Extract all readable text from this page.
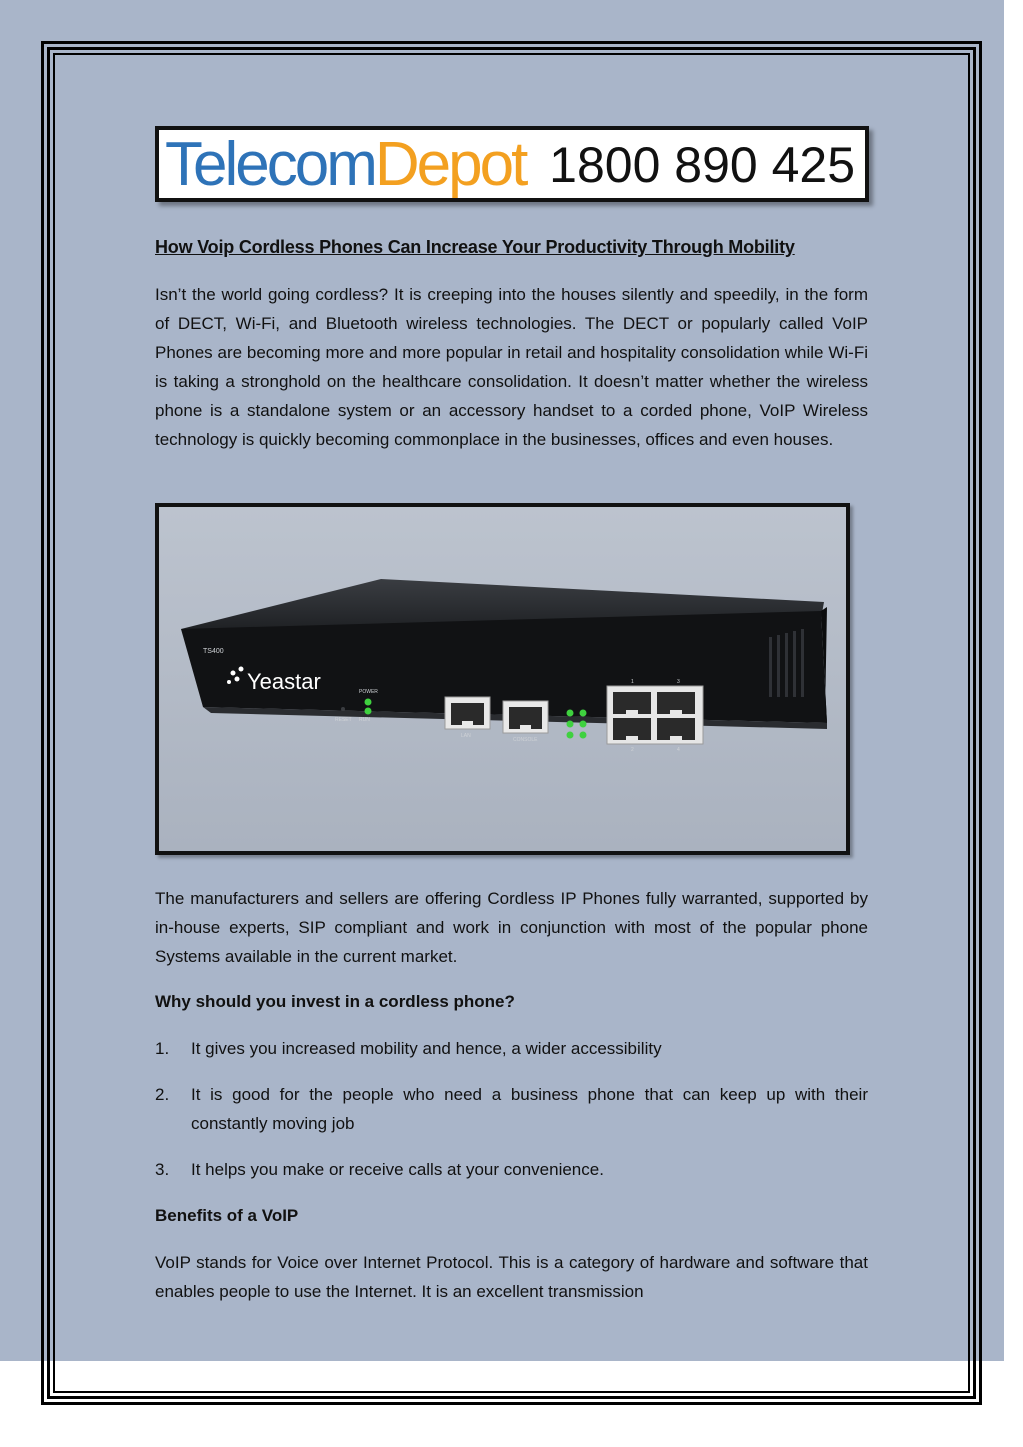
TelecomDepot 1800 890 425
How Voip Cordless Phones Can Increase Your Productivity Through Mobility
Isn’t the world going cordless? It is creeping into the houses silently and speedily, in the form of DECT, Wi-Fi, and Bluetooth wireless technologies. The DECT or popularly called VoIP Phones are becoming more and more popular in retail and hospitality consolidation while Wi-Fi is taking a stronghold on the healthcare consolidation. It doesn’t matter whether the wireless phone is a standalone system or an accessory handset to a corded phone, VoIP Wireless technology is quickly becoming commonplace in the businesses, offices and even houses.
TS400
Yeastar	POWER
RUN
RESET
LAN
CONSOLE
1	3
2	4
The manufacturers and sellers are offering Cordless IP Phones fully warranted, supported by in-house experts, SIP compliant and work in conjunction with most of the popular phone Systems available in the current market.
Why should you invest in a cordless phone?
1. It gives you increased mobility and hence, a wider accessibility
2. It is good for the people who need a business phone that can keep up with their constantly moving job
3. It helps you make or receive calls at your convenience.
Benefits of a VoIP
VoIP stands for Voice over Internet Protocol. This is a category of hardware and software that enables people to use the Internet. It is an excellent transmission
